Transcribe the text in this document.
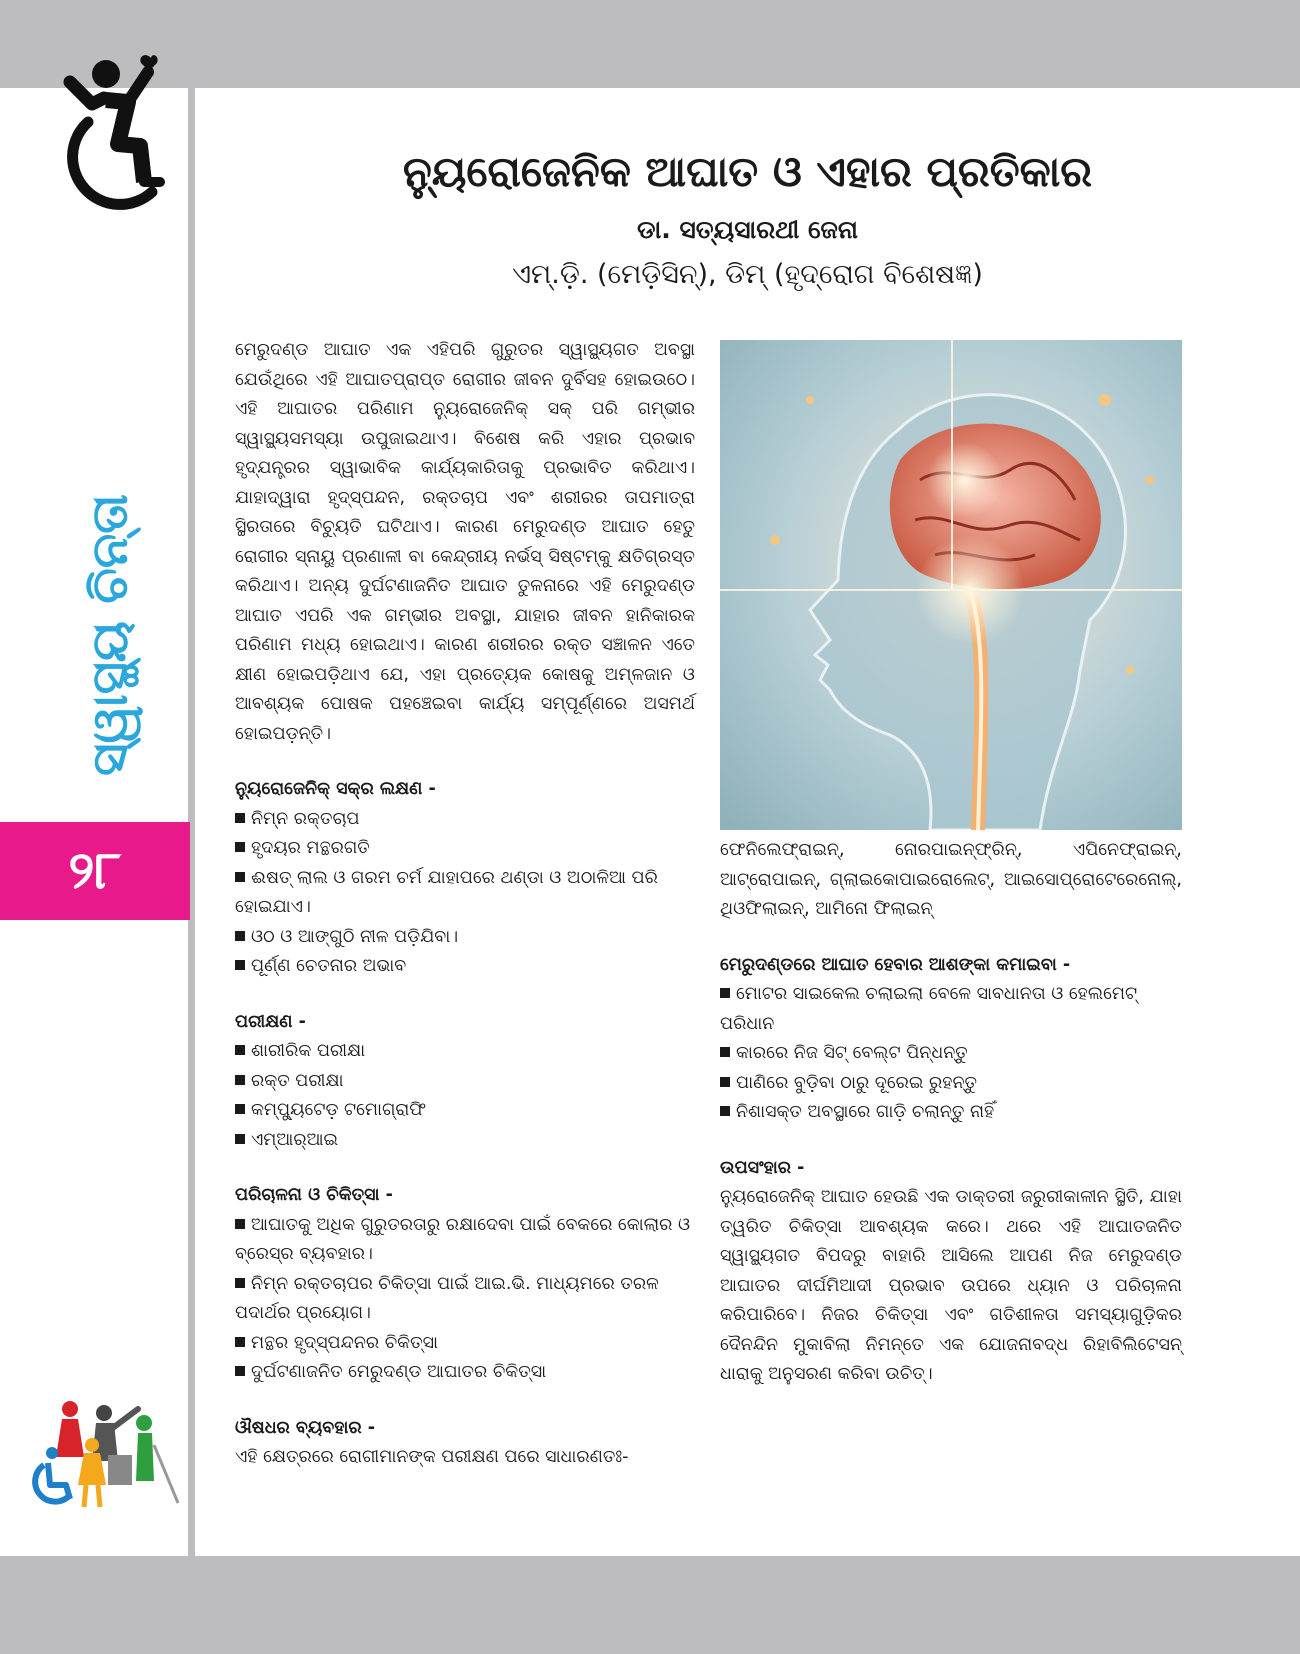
ସ୍ୱାସ୍ଥ୍ୟ ଚିନ୍ତା
୨୮
ନ୍ୟୁରୋଜେନିକ ଆଘାତ ଓ ଏହାର ପ୍ରତିକାର
ଡା. ସତ୍ୟସାରଥୀ ଜେନା
ଏମ୍.ଡ଼ି. (ମେଡ଼ିସିନ୍), ଡିମ୍ (ହୃଦ୍‌ରୋଗ ବିଶେଷଜ୍ଞ)

ମେରୁଦଣ୍ଡ ଆଘାତ ଏକ ଏହିପରି ଗୁରୁତର ସ୍ୱାସ୍ଥ୍ୟଗତ ଅବସ୍ଥା ଯେଉଁଥିରେ ଏହି ଆଘାତପ୍ରାପ୍ତ ରୋଗୀର ଜୀବନ ଦୁର୍ବିସହ ହୋଇଉଠେ। ଏହି ଆଘାତର ପରିଣାମ ନ୍ୟୁରୋଜେନିକ୍ ସକ୍ ପରି ଗମ୍ଭୀର ସ୍ୱାସ୍ଥ୍ୟସମସ୍ୟା ଉପୁଜାଇଥାଏ। ବିଶେଷ କରି ଏହାର ପ୍ରଭାବ ହୃଦ୍‌ଯନ୍ତ୍ରର ସ୍ୱାଭାବିକ କାର୍ଯ୍ୟକାରିତାକୁ ପ୍ରଭାବିତ କରିଥାଏ। ଯାହାଦ୍ୱାରା ହୃଦ୍‌ସ୍ପନ୍ଦନ, ରକ୍ତଚାପ ଏବଂ ଶରୀରର ତାପମାତ୍ରା ସ୍ଥିରତାରେ ବିଚ୍ୟୁତି ଘଟିଥାଏ। କାରଣ ମେରୁଦଣ୍ଡ ଆଘାତ ହେତୁ ରୋଗୀର ସ୍ନାୟୁ ପ୍ରଣାଳୀ ବା କେନ୍ଦ୍ରୀୟ ନର୍ଭସ୍ ସିଷ୍ଟମ୍‌କୁ କ୍ଷତିଗ୍ରସ୍ତ କରିଥାଏ। ଅନ୍ୟ ଦୁର୍ଘଟଣାଜନିତ ଆଘାତ ତୁଳନାରେ ଏହି ମେରୁଦଣ୍ଡ ଆଘାତ ଏପରି ଏକ ଗମ୍ଭୀର ଅବସ୍ଥା, ଯାହାର ଜୀବନ ହାନିକାରକ ପରିଣାମ ମଧ୍ୟ ହୋଇଥାଏ। କାରଣ ଶରୀରର ରକ୍ତ ସଞ୍ଚାଳନ ଏତେ କ୍ଷୀଣ ହୋଇପଡ଼ିଥାଏ ଯେ, ଏହା ପ୍ରତ୍ୟେକ କୋଷକୁ ଅମ୍ଳଜାନ ଓ ଆବଶ୍ୟକ ପୋଷକ ପହଞ୍ଚେଇବା କାର୍ଯ୍ୟ ସମ୍ପୂର୍ଣ୍ଣରେ ଅସମର୍ଥ ହୋଇପଡ଼ନ୍ତି।

ନ୍ୟୁରୋଜେନିକ୍ ସକ୍‌ର ଲକ୍ଷଣ -

ନିମ୍ନ ରକ୍ତଚାପ
ହୃଦୟର ମନ୍ଥରଗତି
ଈଷତ୍ ଲାଲ ଓ ଗରମ ଚର୍ମ ଯାହାପରେ ଥଣ୍ଡା ଓ ଅଠାଳିଆ ପରି ହୋଇଯାଏ।
ଓଠ ଓ ଆଙ୍ଗୁଠି ନୀଳ ପଡ଼ିଯିବା।
ପୂର୍ଣ୍ଣ ଚେତନାର ଅଭାବ

ପରୀକ୍ଷଣ -

ଶାରୀରିକ ପରୀକ୍ଷା
ରକ୍ତ ପରୀକ୍ଷା
କମ୍ପ୍ୟୁଟେଡ଼ ଟମୋଗ୍ରାଫି
ଏମ୍‌ଆର୍‌ଆଇ

ପରିଚାଳନା ଓ ଚିକିତ୍ସା -

ଆଘାତକୁ ଅଧିକ ଗୁରୁତରତାରୁ ରକ୍ଷାଦେବା ପାଇଁ ବେକରେ କୋଲାର ଓ ବ୍ରେସ୍‌ର ବ୍ୟବହାର।
ନିମ୍ନ ରକ୍ତଚାପର ଚିକିତ୍ସା ପାଇଁ ଆଇ.ଭି. ମାଧ୍ୟମରେ ତରଳ ପଦାର୍ଥର ପ୍ରୟୋଗ।
ମନ୍ଥର ହୃଦ୍‌ସ୍ପନ୍ଦନର ଚିକିତ୍ସା
ଦୁର୍ଘଟଣାଜନିତ ମେରୁଦଣ୍ଡ ଆଘାତର ଚିକିତ୍ସା

ଔଷଧର ବ୍ୟବହାର -

ଏହି କ୍ଷେତ୍ରରେ ରୋଗୀମାନଙ୍କ ପରୀକ୍ଷଣ ପରେ ସାଧାରଣତଃ-

ଫେନିଲେଫ୍ରାଇନ୍, ନୋରପାଇନ୍‌ଫ୍ରିନ୍, ଏପିନେଫ୍ରାଇନ୍, ଆଟ୍ରୋପାଇନ୍, ଗ୍ଲାଇକୋପାଇରୋଲେଟ୍, ଆଇସୋପ୍ରୋଟେରେନୋଲ୍, ଥିଓଫିଲାଇନ୍, ଆମିନୋ ଫିଲାଇନ୍

ମେରୁଦଣ୍ଡରେ ଆଘାତ ହେବାର ଆଶଙ୍କା କମାଇବା -

ମୋଟର ସାଇକେଲ ଚଲାଇଲା ବେଳେ ସାବଧାନତା ଓ ହେଲମେଟ୍ ପରିଧାନ
କାରରେ ନିଜ ସିଟ୍ ବେଲ୍ଟ ପିନ୍ଧନ୍ତୁ
ପାଣିରେ ବୁଡ଼ିବା ଠାରୁ ଦୂରେଇ ରୁହନ୍ତୁ
ନିଶାସକ୍ତ ଅବସ୍ଥାରେ ଗାଡ଼ି ଚଲାନ୍ତୁ ନାହିଁ

ଉପସଂହାର -

ନ୍ୟୁରୋଜେନିକ୍ ଆଘାତ ହେଉଛି ଏକ ଡାକ୍ତରୀ ଜରୁରୀକାଳୀନ ସ୍ଥିତି, ଯାହା ତ୍ୱରିତ ଚିକିତ୍ସା ଆବଶ୍ୟକ କରେ। ଥରେ ଏହି ଆଘାତଜନିତ ସ୍ୱାସ୍ଥ୍ୟଗତ ବିପଦରୁ ବାହାରି ଆସିଲେ ଆପଣ ନିଜ ମେରୁଦଣ୍ଡ ଆଘାତର ଦୀର୍ଘମିଆଦୀ ପ୍ରଭାବ ଉପରେ ଧ୍ୟାନ ଓ ପରିଚାଳନା କରିପାରିବେ। ନିଜର ଚିକିତ୍ସା ଏବଂ ଗତିଶୀଳତା ସମସ୍ୟାଗୁଡ଼ିକର ଦୈନନ୍ଦିନ ମୁକାବିଲା ନିମନ୍ତେ ଏକ ଯୋଜନାବଦ୍ଧ ରିହାବିଲିଟେସନ୍ ଧାରାକୁ ଅନୁସରଣ କରିବା ଉଚିତ୍।
